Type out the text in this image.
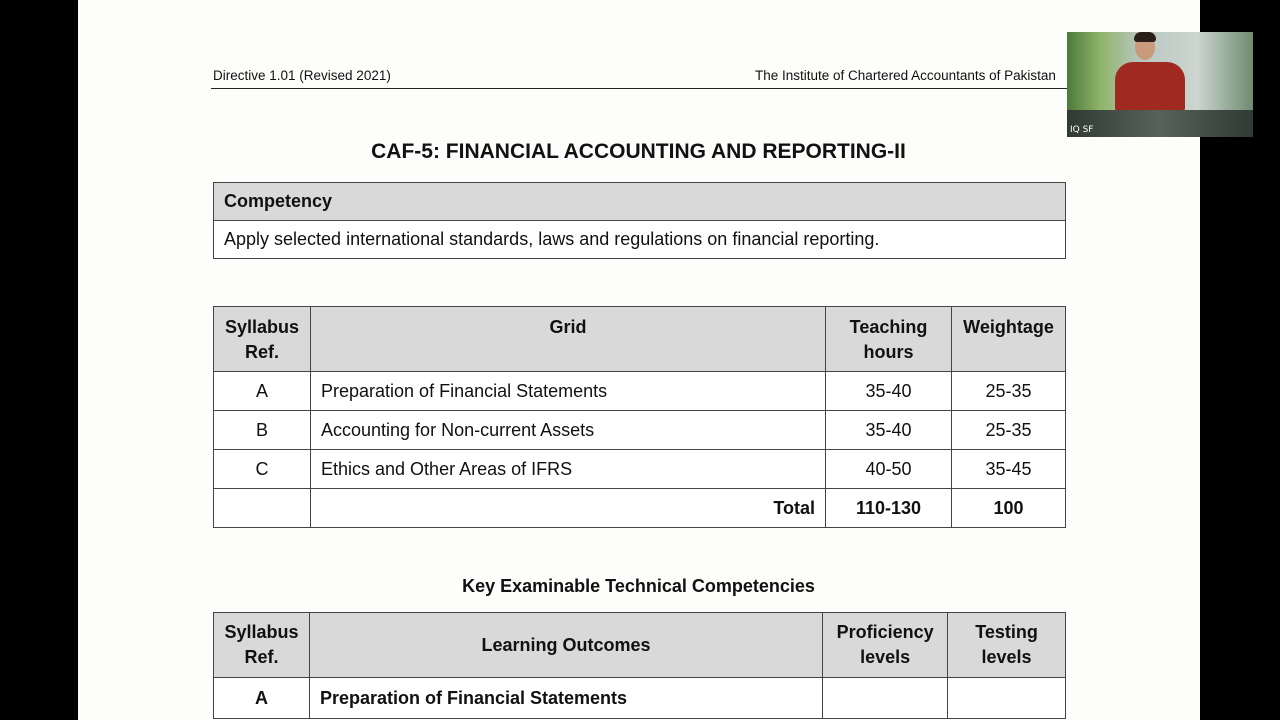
Directive 1.01 (Revised 2021)	The Institute of Chartered Accountants of Pakistan
CAF-5: FINANCIAL ACCOUNTING AND REPORTING-II
Competency
Apply selected international standards, laws and regulations on financial reporting.
Syllabus Ref.	Grid	Teaching hours	Weightage
A	Preparation of Financial Statements	35-40	25-35
B	Accounting for Non-current Assets	35-40	25-35
C	Ethics and Other Areas of IFRS	40-50	35-45
	Total	110-130	100
Key Examinable Technical Competencies
Syllabus Ref.	Learning Outcomes	Proficiency levels	Testing levels
A	Preparation of Financial Statements		
IQ SF
